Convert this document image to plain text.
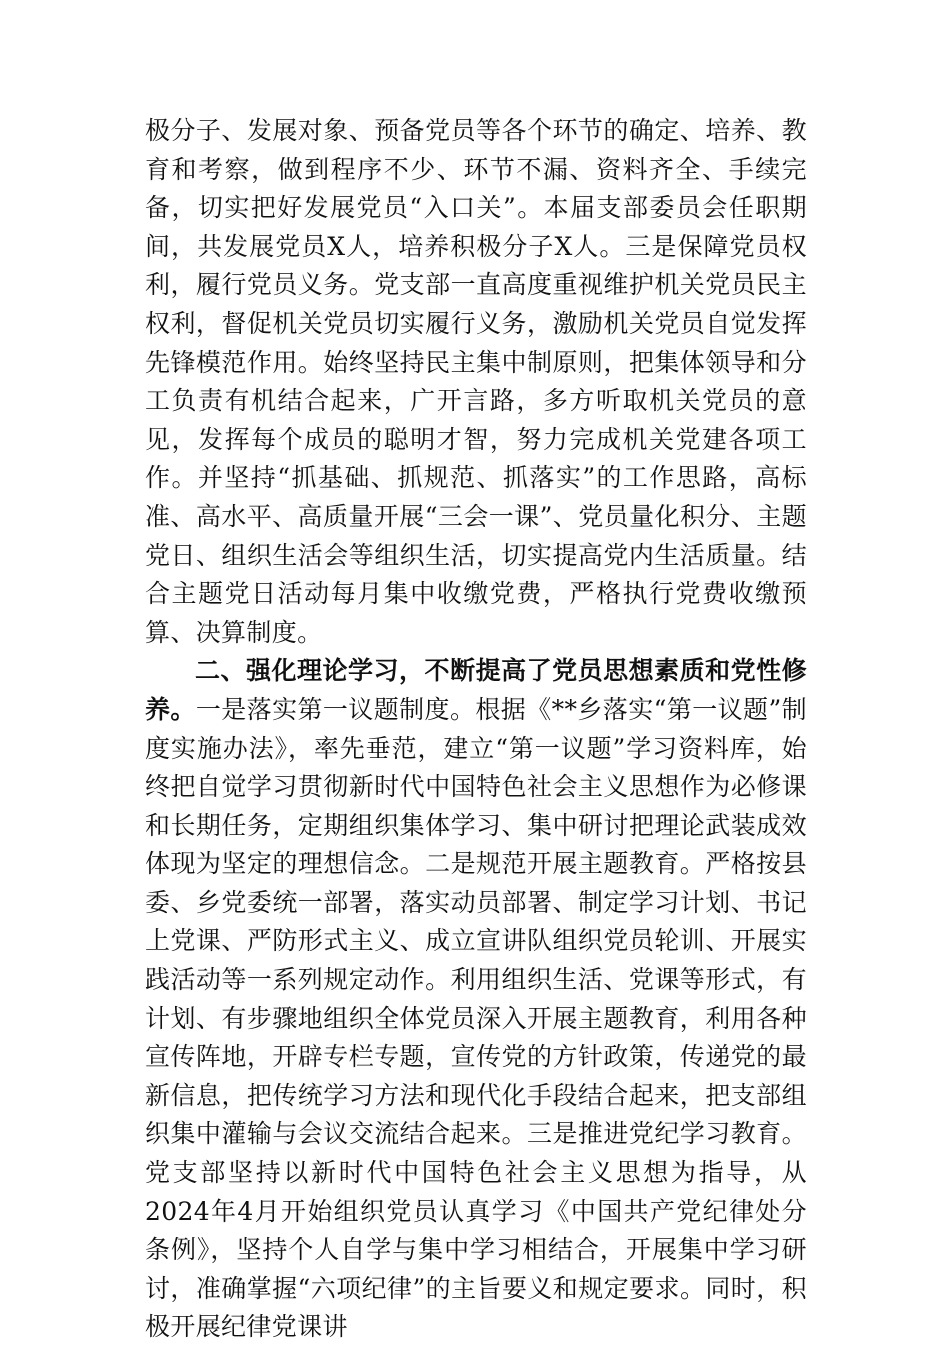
极分子、发展对象、预备党员等各个环节的确定、培养、教育和考察，做到程序不少、环节不漏、资料齐全、手续完备，切实把好发展党员“入口关”。本届支部委员会任职期间，共发展党员X人，培养积极分子X人。三是保障党员权利，履行党员义务。党支部一直高度重视维护机关党员民主权利，督促机关党员切实履行义务，激励机关党员自觉发挥先锋模范作用。始终坚持民主集中制原则，把集体领导和分工负责有机结合起来，广开言路，多方听取机关党员的意见，发挥每个成员的聪明才智，努力完成机关党建各项工作。并坚持“抓基础、抓规范、抓落实”的工作思路，高标准、高水平、高质量开展“三会一课”、党员量化积分、主题党日、组织生活会等组织生活，切实提高党内生活质量。结合主题党日活动每月集中收缴党费，严格执行党费收缴预算、决算制度。

二、强化理论学习，不断提高了党员思想素质和党性修养。一是落实第一议题制度。根据《**乡落实“第一议题”制度实施办法》，率先垂范，建立“第一议题”学习资料库，始终把自觉学习贯彻新时代中国特色社会主义思想作为必修课和长期任务，定期组织集体学习、集中研讨把理论武装成效体现为坚定的理想信念。二是规范开展主题教育。严格按县委、乡党委统一部署，落实动员部署、制定学习计划、书记上党课、严防形式主义、成立宣讲队组织党员轮训、开展实践活动等一系列规定动作。利用组织生活、党课等形式，有计划、有步骤地组织全体党员深入开展主题教育，利用各种宣传阵地，开辟专栏专题，宣传党的方针政策，传递党的最新信息，把传统学习方法和现代化手段结合起来，把支部组织集中灌输与会议交流结合起来。三是推进党纪学习教育。党支部坚持以新时代中国特色社会主义思想为指导，从2024年4月开始组织党员认真学习《中国共产党纪律处分条例》，坚持个人自学与集中学习相结合，开展集中学习研讨，准确掌握“六项纪律”的主旨要义和规定要求。同时，积极开展纪律党课讲
